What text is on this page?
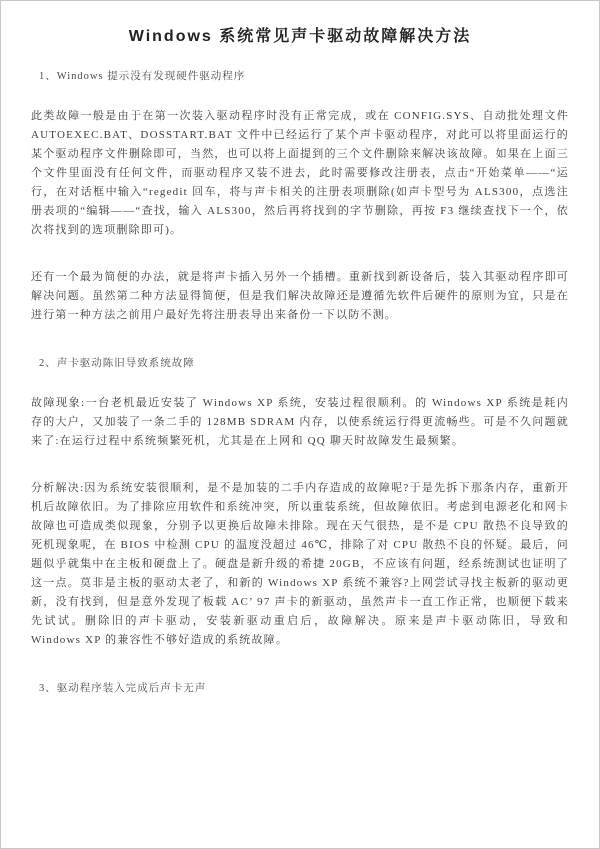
Windows 系统常见声卡驱动故障解决方法
1、Windows 提示没有发现硬件驱动程序

此类故障一般是由于在第一次装入驱动程序时没有正常完成，或在 CONFIG.SYS、自动批处理文件 AUTOEXEC.BAT、DOSSTART.BAT 文件中已经运行了某个声卡驱动程序，对此可以将里面运行的某个驱动程序文件删除即可，当然，也可以将上面提到的三个文件删除来解决该故障。如果在上面三个文件里面没有任何文件，而驱动程序又装不进去，此时需要修改注册表，点击“开始菜单——“运行，在对话框中输入“regedit 回车，将与声卡相关的注册表项删除(如声卡型号为 ALS300，点选注册表项的“编辑——“查找，输入 ALS300，然后再将找到的字节删除，再按 F3 继续查找下一个，依次将找到的选项删除即可)。

还有一个最为简便的办法，就是将声卡插入另外一个插槽。重新找到新设备后，装入其驱动程序即可解决问题。虽然第二种方法显得简便，但是我们解决故障还是遵循先软件后硬件的原则为宜，只是在进行第一种方法之前用户最好先将注册表导出来备份一下以防不测。

2、声卡驱动陈旧导致系统故障

故障现象:一台老机最近安装了 Windows XP 系统，安装过程很顺利。的 Windows XP 系统是耗内存的大户，又加装了一条二手的 128MB SDRAM 内存，以使系统运行得更流畅些。可是不久问题就来了:在运行过程中系统频繁死机，尤其是在上网和 QQ 聊天时故障发生最频繁。

分析解决:因为系统安装很顺利，是不是加装的二手内存造成的故障呢?于是先拆下那条内存，重新开机后故障依旧。为了排除应用软件和系统冲突，所以重装系统，但故障依旧。考虑到电源老化和网卡故障也可造成类似现象，分别予以更换后故障未排除。现在天气很热，是不是 CPU 散热不良导致的死机现象呢，在 BIOS 中检测 CPU 的温度没超过 46℃，排除了对 CPU 散热不良的怀疑。最后，问题似乎就集中在主板和硬盘上了。硬盘是新升级的希捷 20GB，不应该有问题，经系统测试也证明了这一点。莫非是主板的驱动太老了，和新的 Windows XP 系统不兼容?上网尝试寻找主板新的驱动更新，没有找到，但是意外发现了板载 AC’ 97 声卡的新驱动，虽然声卡一直工作正常，也顺便下载来先试试。删除旧的声卡驱动，安装新驱动重启后，故障解决。原来是声卡驱动陈旧，导致和 Windows XP 的兼容性不够好造成的系统故障。

3、驱动程序装入完成后声卡无声
